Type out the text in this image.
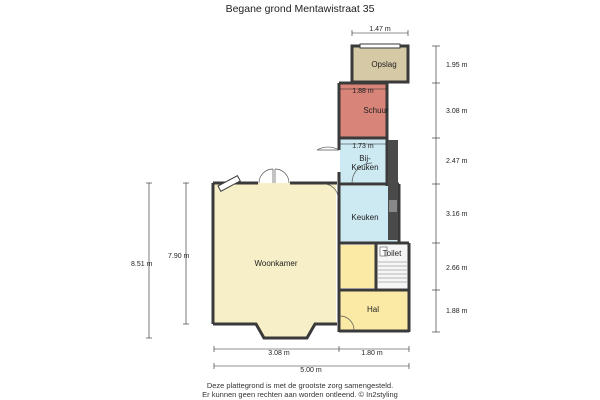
Begane grond Mentawistraat 35
Opslag
Schuur
Bij-
Keuken
Keuken
Toilet
Woonkamer
Hal
1.47 m
1.88 m
1.73 m
1.95 m
3.08 m
2.47 m
3.16 m
2.66 m
1.88 m
8.51 m
7.90 m
3.08 m	1.80 m
5.00 m
Deze plattegrond is met de grootste zorg samengesteld.
Er kunnen geen rechten aan worden ontleend. © In2styling
